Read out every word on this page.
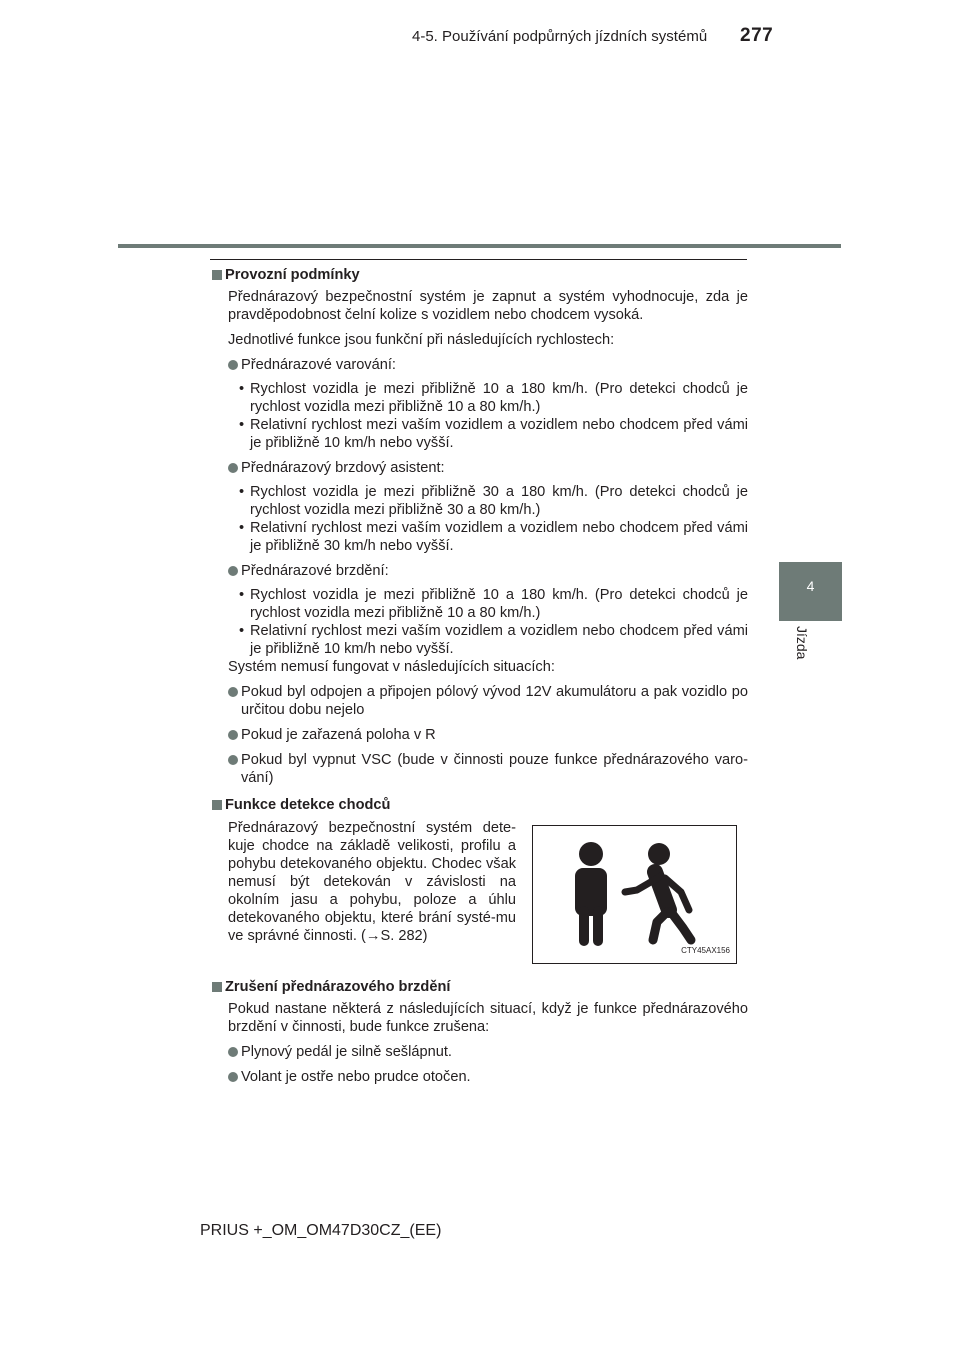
4-5. Používání podpůrných jízdních systémů 277
4
Jízda
Provozní podmínky
Přednárazový bezpečnostní systém je zapnut a systém vyhodnocuje, zda je pravděpodobnost čelní kolize s vozidlem nebo chodcem vysoká.
Jednotlivé funkce jsou funkční při následujících rychlostech:
Přednárazové varování:
• Rychlost vozidla je mezi přibližně 10 a 180 km/h. (Pro detekci chodců je rychlost vozidla mezi přibližně 10 a 80 km/h.)
• Relativní rychlost mezi vaším vozidlem a vozidlem nebo chodcem před vámi je přibližně 10 km/h nebo vyšší.
Přednárazový brzdový asistent:
• Rychlost vozidla je mezi přibližně 30 a 180 km/h. (Pro detekci chodců je rychlost vozidla mezi přibližně 30 a 80 km/h.)
• Relativní rychlost mezi vaším vozidlem a vozidlem nebo chodcem před vámi je přibližně 30 km/h nebo vyšší.
Přednárazové brzdění:
• Rychlost vozidla je mezi přibližně 10 a 180 km/h. (Pro detekci chodců je rychlost vozidla mezi přibližně 10 a 80 km/h.)
• Relativní rychlost mezi vaším vozidlem a vozidlem nebo chodcem před vámi je přibližně 10 km/h nebo vyšší.
Systém nemusí fungovat v následujících situacích:
Pokud byl odpojen a připojen pólový vývod 12V akumulátoru a pak vozidlo po určitou dobu nejelo
Pokud je zařazená poloha v R
Pokud byl vypnut VSC (bude v činnosti pouze funkce přednárazového varo-vání)
Funkce detekce chodců
Přednárazový bezpečnostní systém dete-kuje chodce na základě velikosti, profilu a pohybu detekovaného objektu. Chodec však nemusí být detekován v závislosti na okolním jasu a pohybu, poloze a úhlu detekovaného objektu, které brání systé-mu ve správné činnosti. (→S. 282)
CTY45AX156
Zrušení přednárazového brzdění
Pokud nastane některá z následujících situací, když je funkce přednárazového brzdění v činnosti, bude funkce zrušena:
Plynový pedál je silně sešlápnut.
Volant je ostře nebo prudce otočen.
PRIUS +_OM_OM47D30CZ_(EE)
